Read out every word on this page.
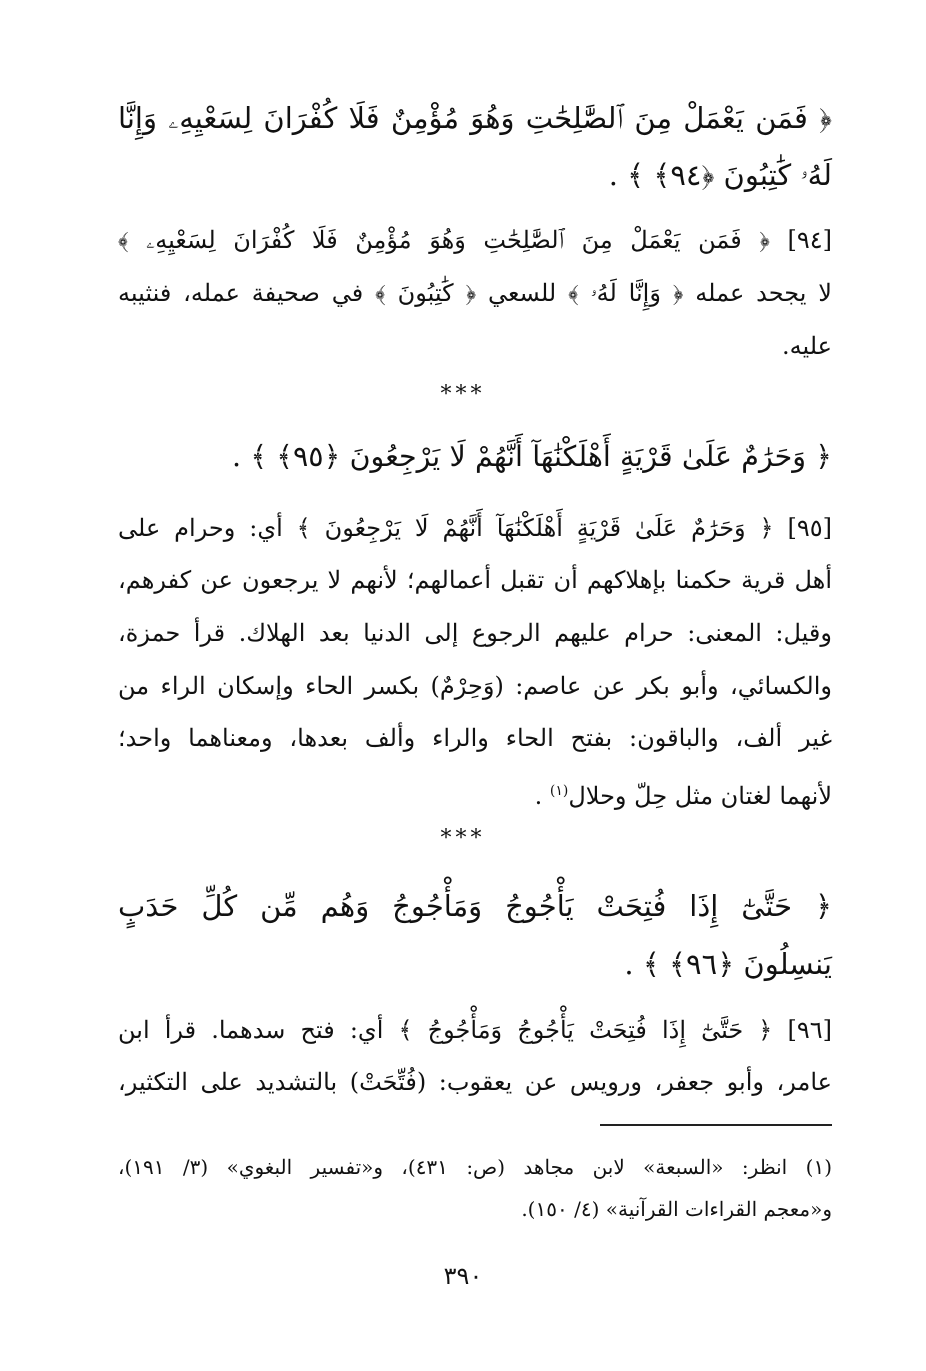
﴿ فَمَن يَعْمَلْ مِنَ ٱلصَّٰلِحَٰتِ وَهُوَ مُؤْمِنٌ فَلَا كُفْرَانَ لِسَعْيِهِۦ وَإِنَّا
لَهُۥ كَٰتِبُونَ ﴿٩٤﴾ ﴾ .
[٩٤] ﴿ فَمَن يَعْمَلْ مِنَ ٱلصَّٰلِحَٰتِ وَهُوَ مُؤْمِنٌ فَلَا كُفْرَانَ لِسَعْيِهِۦ ﴾
لا يجحد عمله ﴿ وَإِنَّا لَهُۥ ﴾ للسعي ﴿ كَٰتِبُونَ ﴾ في صحيفة عمله، فنثيبه
عليه.
***
﴿ وَحَرَٰمٌ عَلَىٰ قَرْيَةٍ أَهْلَكْنَٰهَآ أَنَّهُمْ لَا يَرْجِعُونَ ﴿٩٥﴾ ﴾ .
[٩٥] ﴿ وَحَرَٰمٌ عَلَىٰ قَرْيَةٍ أَهْلَكْنَٰهَآ أَنَّهُمْ لَا يَرْجِعُونَ ﴾ أي: وحرام على
أهل قرية حكمنا بإهلاكهم أن تقبل أعمالهم؛ لأنهم لا يرجعون عن كفرهم،
وقيل: المعنى: حرام عليهم الرجوع إلى الدنيا بعد الهلاك. قرأ حمزة،
والكسائي، وأبو بكر عن عاصم: (وَحِرْمٌ) بكسر الحاء وإسكان الراء من
غير ألف، والباقون: بفتح الحاء والراء وألف بعدها، ومعناهما واحد؛
لأنهما لغتان مثل حِلّ وحلال$^{(١)}$ .
***
﴿ حَتَّىٰٓ إِذَا فُتِحَتْ يَأْجُوجُ وَمَأْجُوجُ وَهُم مِّن كُلِّ حَدَبٍ
يَنسِلُونَ ﴿٩٦﴾ ﴾ .
[٩٦] ﴿ حَتَّىٰٓ إِذَا فُتِحَتْ يَأْجُوجُ وَمَأْجُوجُ ﴾ أي: فتح سدهما. قرأ ابن
عامر، وأبو جعفر، ورويس عن يعقوب: (فُتِّحَتْ) بالتشديد على التكثير،
(١) انظر: «السبعة» لابن مجاهد (ص: ٤٣١)، و«تفسير البغوي» (٣/ ١٩١)،
و«معجم القراءات القرآنية» (٤/ ١٥٠).
٣٩٠
